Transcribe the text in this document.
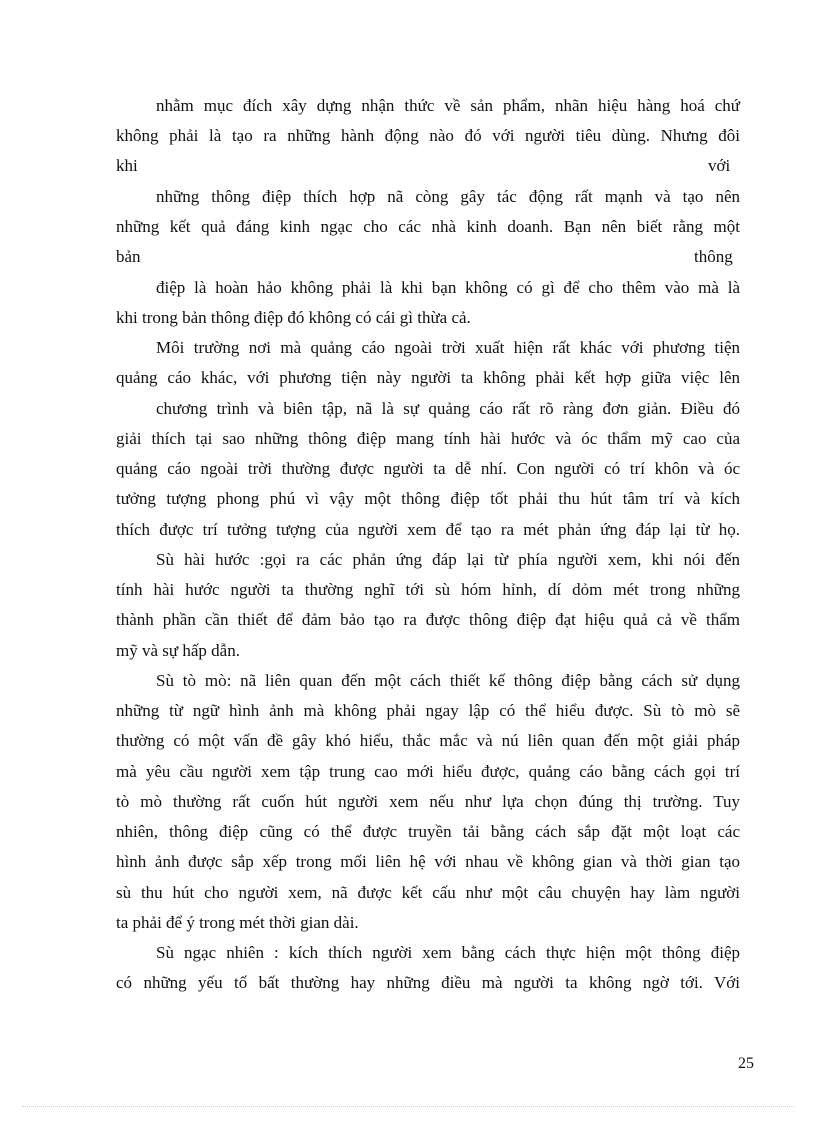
nhằm mục đích xây dựng nhận thức về sản phẩm, nhãn hiệu hàng hoá chứ
không phải là tạo ra những hành động nào đó với người tiêu dùng. Nhưng đôi
khi	với
những thông điệp thích hợp nã còng gây tác động rất mạnh và tạo nên
những kết quả đáng kinh ngạc cho các nhà kinh doanh. Bạn nên biết rằng một
bản	thông
điệp là hoàn hảo không phải là khi bạn không có gì để cho thêm vào mà là
khi trong bản thông điệp đó không có cái gì thừa cả.
Môi trường nơi mà quảng cáo ngoài trời xuất hiện rất khác với phương tiện
quảng cáo khác, với phương tiện này người ta không phải kết hợp giữa việc lên
chương trình và biên tập, nã là sự quảng cáo rất rõ ràng đơn giản. Điều đó
giải thích tại sao những thông điệp mang tính hài hước và óc thẩm mỹ cao của
quảng cáo ngoài trời thường được người ta dễ nhí. Con người có trí khôn và óc
tưởng tượng phong phú vì vậy một thông điệp tốt phải thu hút tâm trí và kích
thích được trí tưởng tượng của người xem để tạo ra mét phản ứng đáp lại từ họ.
Sù hài hước :gọi ra các phản ứng đáp lại từ phía người xem, khi nói đến
tính hài hước người ta thường nghĩ tới sù hóm hỉnh, dí dỏm mét trong những
thành phần cần thiết để đảm bảo tạo ra được thông điệp đạt hiệu quả cả về thẩm
mỹ và sự hấp dẫn.
Sù tò mò: nã liên quan đến một cách thiết kế thông điệp bằng cách sử dụng
những từ ngữ hình ảnh mà không phải ngay lập có thể hiểu được. Sù tò mò sẽ
thường có một vấn đề gây khó hiểu, thắc mắc và nú liên quan đến một giải pháp
mà yêu cầu người xem tập trung cao mới hiểu được, quảng cáo bằng cách gọi trí
tò mò thường rất cuốn hút người xem nếu như lựa chọn đúng thị trường. Tuy
nhiên, thông điệp cũng có thể được truyền tải bằng cách sắp đặt một loạt các
hình ảnh được sắp xếp trong mối liên hệ với nhau về không gian và thời gian tạo
sù thu hút cho người xem, nã được kết cấu như một câu chuyện hay làm người
ta phải để ý trong mét thời gian dài.
Sù ngạc nhiên : kích thích người xem bằng cách thực hiện một thông điệp
có những yếu tố bất thường hay những điều mà người ta không ngờ tới. Với
25
